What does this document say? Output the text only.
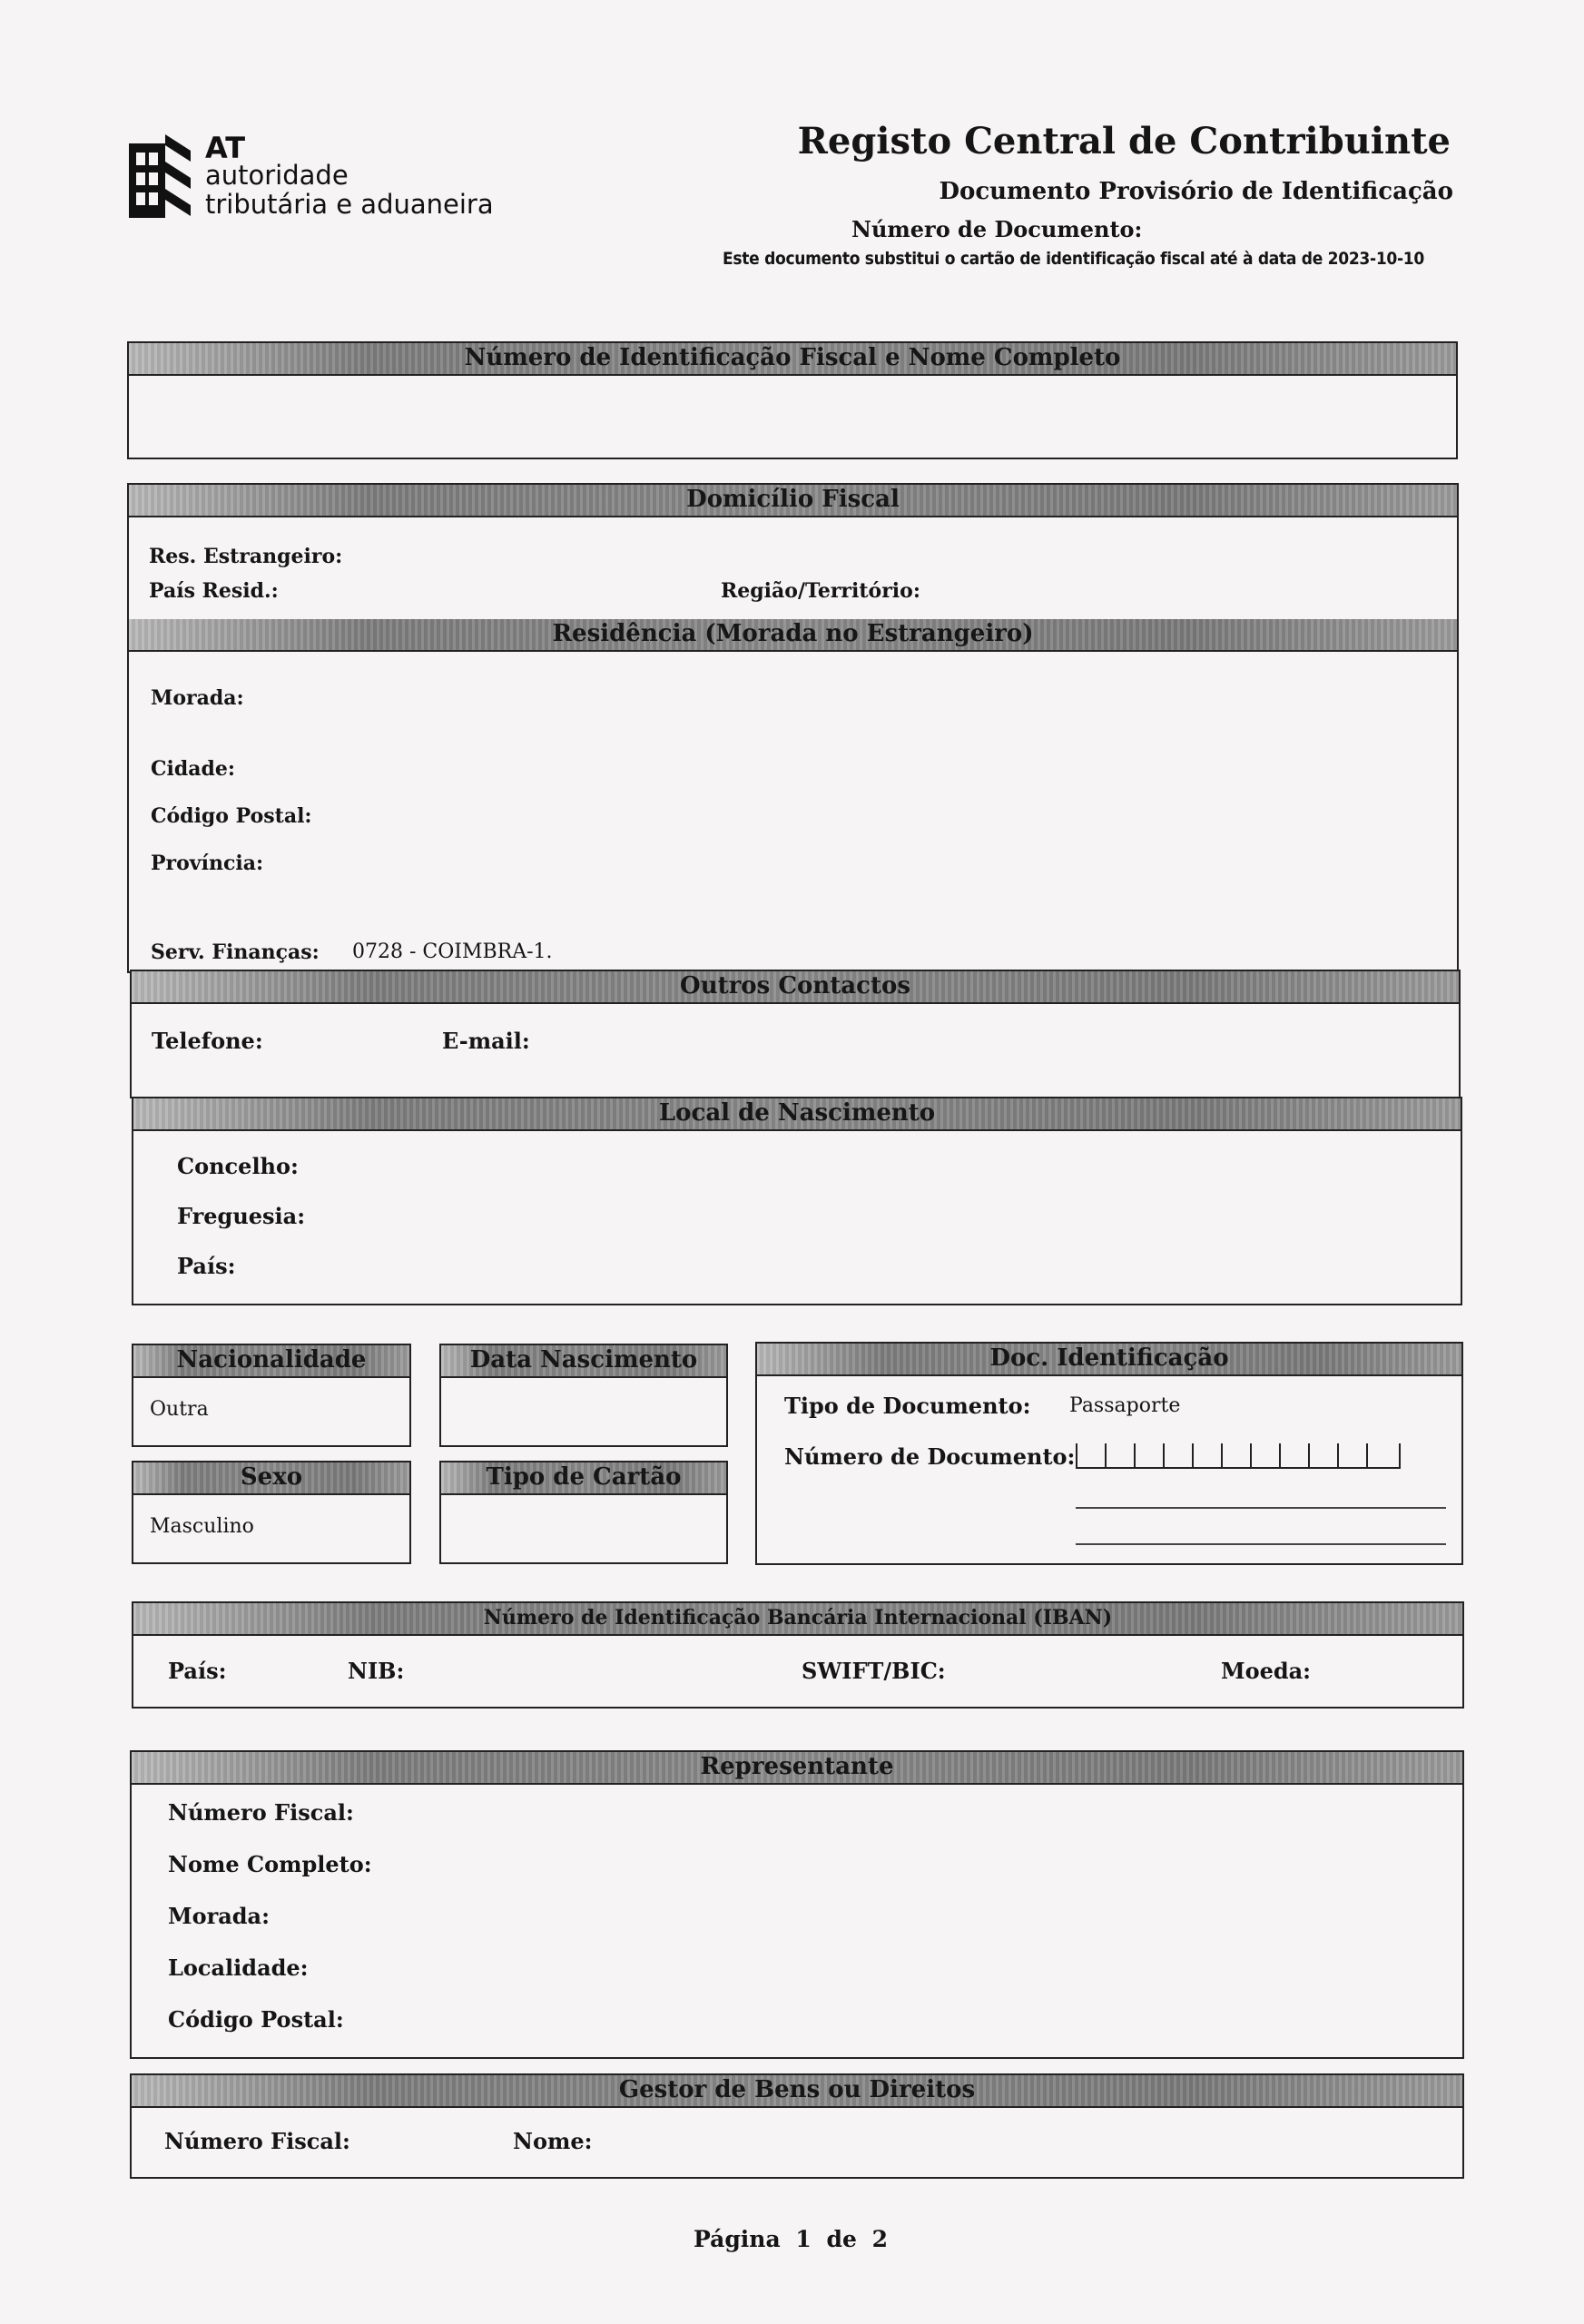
AT
autoridade
tributária e aduaneira
Registo Central de Contribuinte
Documento Provisório de Identificação
Número de Documento:
Este documento substitui o cartão de identificação fiscal até à data de 2023-10-10
Número de Identificação Fiscal e Nome Completo
Domicílio Fiscal
Res. Estrangeiro:
País Resid.:	Região/Território:
Residência (Morada no Estrangeiro)
Morada:
Cidade:
Código Postal:
Província:
Serv. Finanças: 0728 - COIMBRA-1.
Outros Contactos
Telefone:	E-mail:
Local de Nascimento
Concelho:
Freguesia:
País:
Nacionalidade
Outra
Data Nascimento
Sexo
Masculino
Tipo de Cartão
Doc. Identificação
Tipo de Documento: Passaporte
Número de Documento:
Número de Identificação Bancária Internacional (IBAN)
País:	NIB:	SWIFT/BIC:	Moeda:
Representante
Número Fiscal:
Nome Completo:
Morada:
Localidade:
Código Postal:
Gestor de Bens ou Direitos
Número Fiscal:	Nome:
Página 1 de 2
